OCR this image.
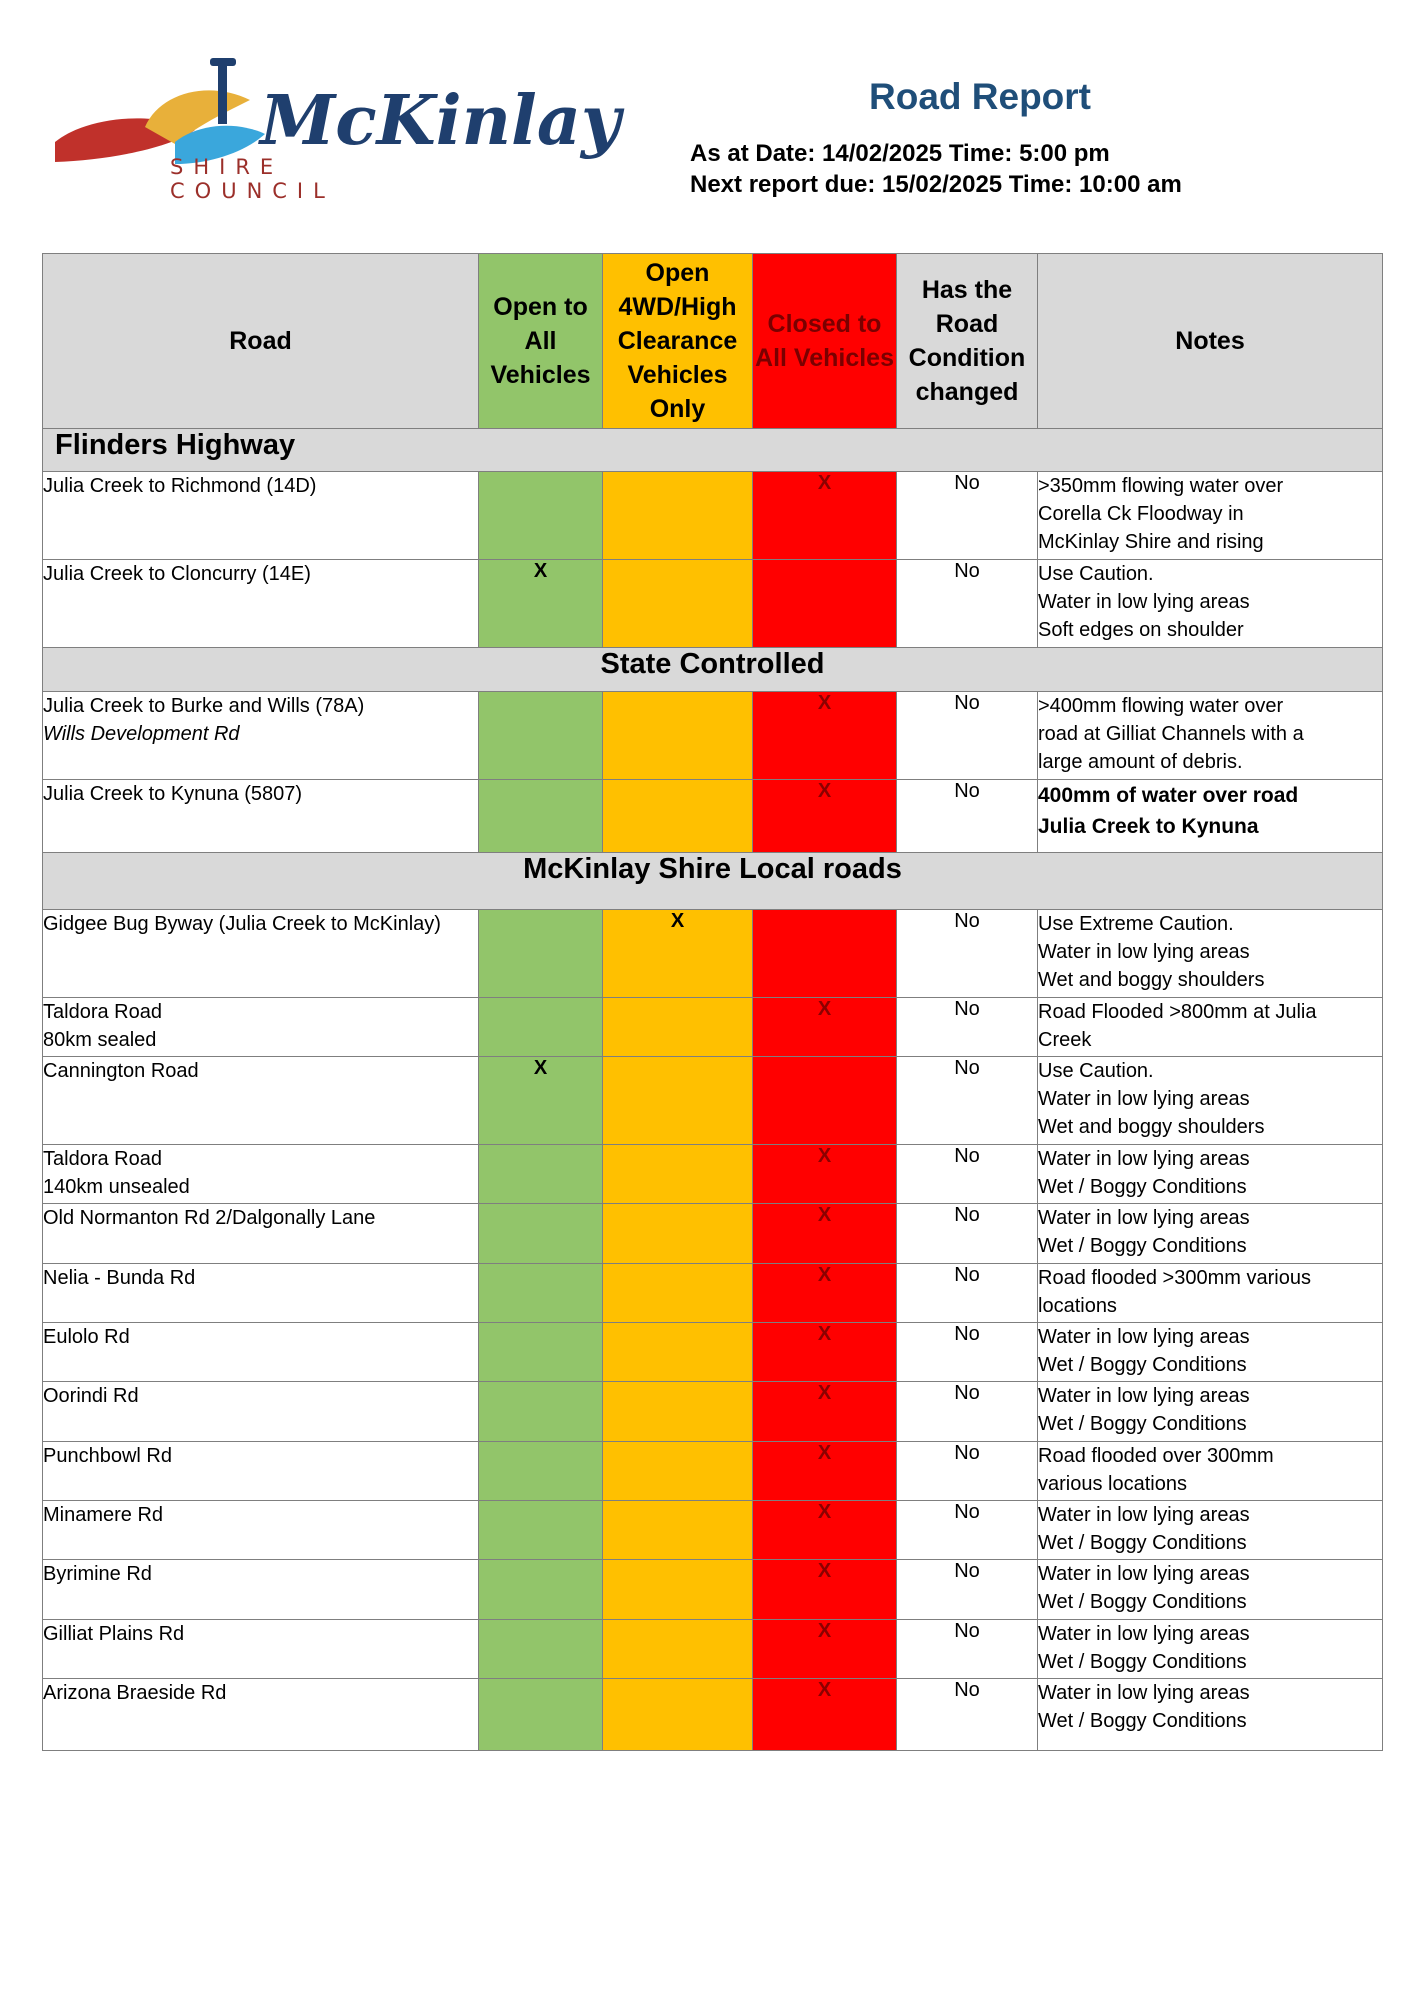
McKinlay
SHIRE
COUNCIL
Road Report
As at Date: 14/02/2025 Time: 5:00 pm
Next report due: 15/02/2025 Time: 10:00 am
Road	Open to All Vehicles	Open 4WD/High Clearance Vehicles Only	Closed to All Vehicles	Has the Road Condition changed	Notes
Flinders Highway					

Julia Creek to Richmond (14D)			X	No	>350mm flowing water over
Corella Ck Floodway in
McKinlay Shire and rising

Julia Creek to Cloncurry (14E)	X			No	Use Caution.
Water in low lying areas
Soft edges on shoulder

State Controlled					

Julia Creek to Burke and Wills (78A)
Wills Development Rd			X	No	>400mm flowing water over
road at Gilliat Channels with a
large amount of debris.

Julia Creek to Kynuna (5807)			X	No	400mm of water over road
Julia Creek to Kynuna

McKinlay Shire Local roads					

Gidgee Bug Byway (Julia Creek to McKinlay)		X		No	Use Extreme Caution.
Water in low lying areas
Wet and boggy shoulders

Taldora Road
80km sealed			X	No	Road Flooded >800mm at Julia
Creek

Cannington Road	X			No	Use Caution.
Water in low lying areas
Wet and boggy shoulders

Taldora Road
140km unsealed			X	No	Water in low lying areas
Wet / Boggy Conditions

Old Normanton Rd 2/Dalgonally Lane			X	No	Water in low lying areas
Wet / Boggy Conditions

Nelia - Bunda Rd			X	No	Road flooded >300mm various
locations

Eulolo Rd			X	No	Water in low lying areas
Wet / Boggy Conditions

Oorindi Rd			X	No	Water in low lying areas
Wet / Boggy Conditions

Punchbowl Rd			X	No	Road flooded over 300mm
various locations

Minamere Rd			X	No	Water in low lying areas
Wet / Boggy Conditions

Byrimine Rd			X	No	Water in low lying areas
Wet / Boggy Conditions

Gilliat Plains Rd			X	No	Water in low lying areas
Wet / Boggy Conditions

Arizona Braeside Rd			X	No	Water in low lying areas
Wet / Boggy Conditions
